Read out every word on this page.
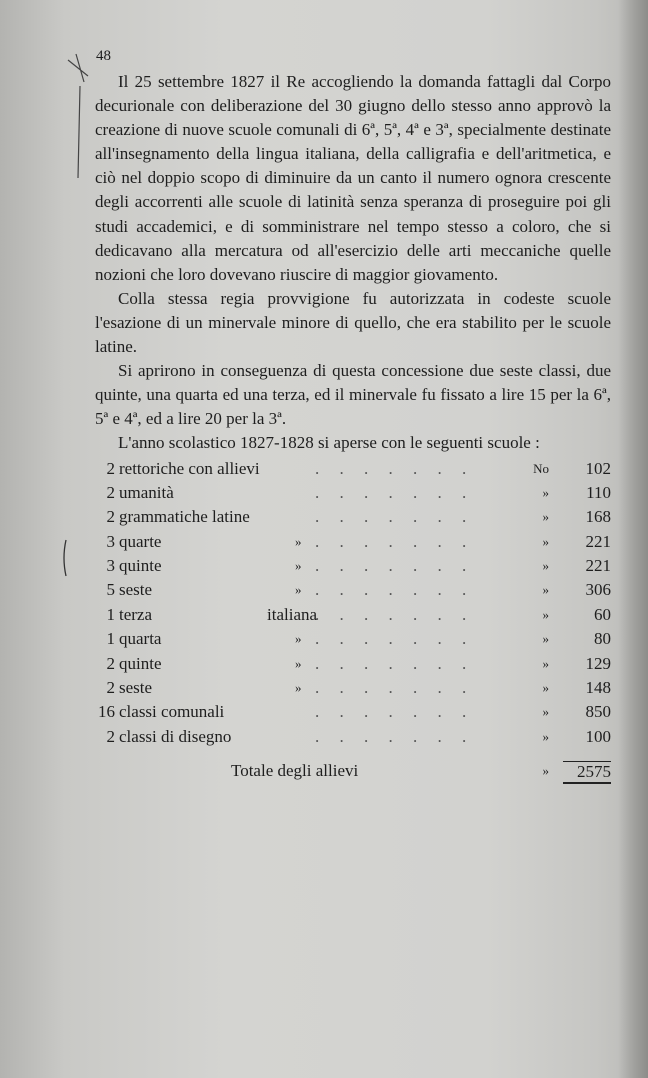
48

Il 25 settembre 1827 il Re accogliendo la domanda fattagli dal Corpo decurionale con deliberazione del 30 giugno dello stesso anno approvò la creazione di nuove scuole comunali di 6ª, 5ª, 4ª e 3ª, specialmente destinate all'insegnamento della lingua italiana, della calligrafia e dell'aritmetica, e ciò nel doppio scopo di diminuire da un canto il numero ognora crescente degli accorrenti alle scuole di latinità senza speranza di proseguire poi gli studi accademici, e di somministrare nel tempo stesso a coloro, che si dedicavano alla mercatura od all'esercizio delle arti meccaniche quelle nozioni che loro dovevano riuscire di maggior giovamento.

Colla stessa regia provvigione fu autorizzata in codeste scuole l'esazione di un minervale minore di quello, che era stabilito per le scuole latine.

Si aprirono in conseguenza di questa concessione due seste classi, due quinte, una quarta ed una terza, ed il minervale fu fissato a lire 15 per la 6ª, 5ª e 4ª, ed a lire 20 per la 3ª.

L'anno scolastico 1827-1828 si aperse con le seguenti scuole :

2 rettoriche con allievi	No	102
. . . . . . .
2 umanità	»	110
. . . . . . .
2 grammatiche latine	»	168
. . . . . . .
3 quarte	»	»	221
. . . . . . .
3 quinte	»	»	221
. . . . . . .
5 seste	»	»	306
. . . . . . .
1 terza	italiana	»	60
. . . . . . .
1 quarta	»	»	80
. . . . . . .
2 quinte	»	»	129
. . . . . . .
2 seste	»	»	148
. . . . . . .
16 classi comunali	»	850
. . . . . . .
2 classi di disegno	»	100
. . . . . . .
Totale degli allievi	»	2575
